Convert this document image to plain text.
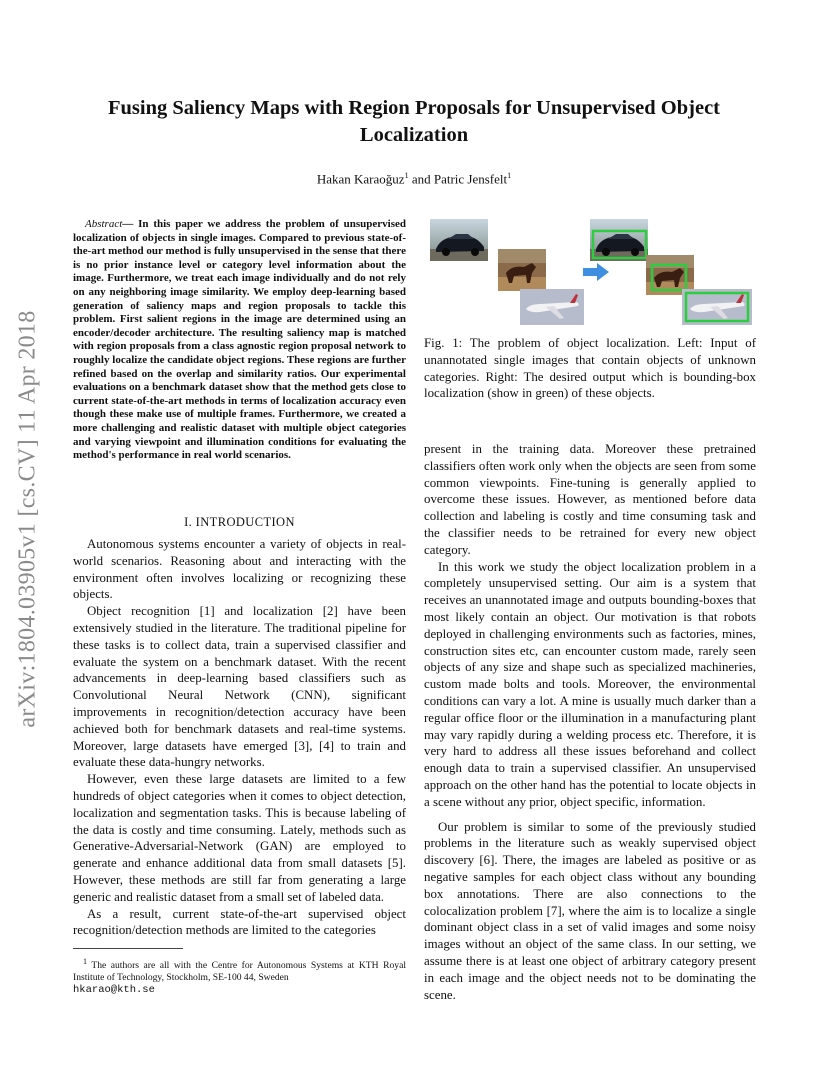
arXiv:1804.03905v1 [cs.CV] 11 Apr 2018
Fusing Saliency Maps with Region Proposals for Unsupervised Object
Localization
Hakan Karaoğuz$^1$ and Patric Jensfelt$^1$
Abstract— In this paper we address the problem of unsupervised localization of objects in single images. Compared to previous state-of-the-art method our method is fully unsupervised in the sense that there is no prior instance level or category level information about the image. Furthermore, we treat each image individually and do not rely on any neighboring image similarity. We employ deep-learning based generation of saliency maps and region proposals to tackle this problem. First salient regions in the image are determined using an encoder/decoder architecture. The resulting saliency map is matched with region proposals from a class agnostic region proposal network to roughly localize the candidate object regions. These regions are further refined based on the overlap and similarity ratios. Our experimental evaluations on a benchmark dataset show that the method gets close to current state-of-the-art methods in terms of localization accuracy even though these make use of multiple frames. Furthermore, we created a more challenging and realistic dataset with multiple object categories and varying viewpoint and illumination conditions for evaluating the method's performance in real world scenarios.
I. INTRODUCTION

Autonomous systems encounter a variety of objects in real-world scenarios. Reasoning about and interacting with the environment often involves localizing or recognizing these objects.

Object recognition [1] and localization [2] have been extensively studied in the literature. The traditional pipeline for these tasks is to collect data, train a supervised classifier and evaluate the system on a benchmark dataset. With the recent advancements in deep-learning based classifiers such as Convolutional Neural Network (CNN), significant improvements in recognition/detection accuracy have been achieved both for benchmark datasets and real-time systems. Moreover, large datasets have emerged [3], [4] to train and evaluate these data-hungry networks.

However, even these large datasets are limited to a few hundreds of object categories when it comes to object detection, localization and segmentation tasks. This is because labeling of the data is costly and time consuming. Lately, methods such as Generative-Adversarial-Network (GAN) are employed to generate and enhance additional data from small datasets [5]. However, these methods are still far from generating a large generic and realistic dataset from a small set of labeled data.

As a result, current state-of-the-art supervised object recognition/detection methods are limited to the categories

$^1$ The authors are all with the Centre for Autonomous Systems at KTH Royal Institute of Technology, Stockholm, SE-100 44, Sweden
hkarao@kth.se
Fig. 1: The problem of object localization. Left: Input of unannotated single images that contain objects of unknown categories. Right: The desired output which is bounding-box localization (show in green) of these objects.

present in the training data. Moreover these pretrained classifiers often work only when the objects are seen from some common viewpoints. Fine-tuning is generally applied to overcome these issues. However, as mentioned before data collection and labeling is costly and time consuming task and the classifier needs to be retrained for every new object category.

In this work we study the object localization problem in a completely unsupervised setting. Our aim is a system that receives an unannotated image and outputs bounding-boxes that most likely contain an object. Our motivation is that robots deployed in challenging environments such as factories, mines, construction sites etc, can encounter custom made, rarely seen objects of any size and shape such as specialized machineries, custom made bolts and tools. Moreover, the environmental conditions can vary a lot. A mine is usually much darker than a regular office floor or the illumination in a manufacturing plant may vary rapidly during a welding process etc. Therefore, it is very hard to address all these issues beforehand and collect enough data to train a supervised classifier. An unsupervised approach on the other hand has the potential to locate objects in a scene without any prior, object specific, information.

Our problem is similar to some of the previously studied problems in the literature such as weakly supervised object discovery [6]. There, the images are labeled as positive or as negative samples for each object class without any bounding box annotations. There are also connections to the colocalization problem [7], where the aim is to localize a single dominant object class in a set of valid images and some noisy images without an object of the same class. In our setting, we assume there is at least one object of arbitrary category present in each image and the object needs not to be dominating the scene.
